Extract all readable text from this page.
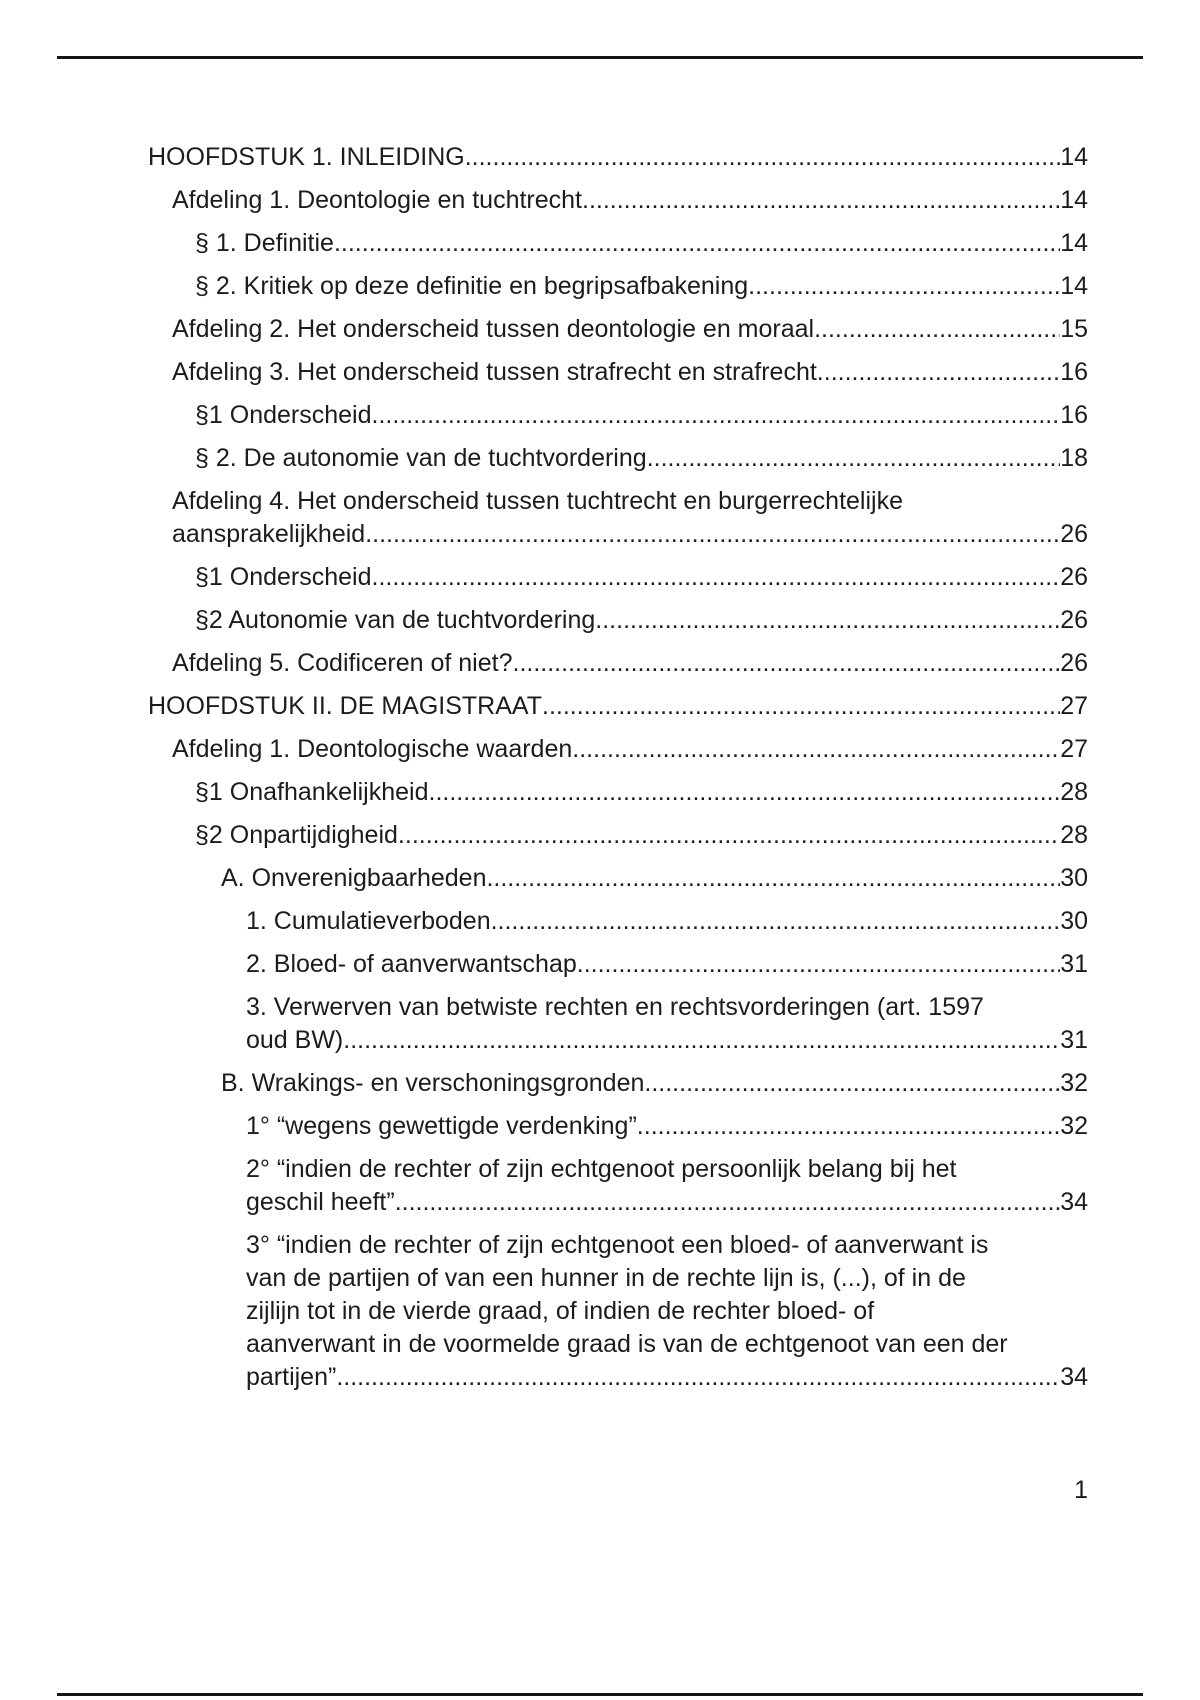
HOOFDSTUK 1. INLEIDING .....	14
Afdeling 1. Deontologie en tuchtrecht .....	14
§ 1. Definitie .....	14
§ 2. Kritiek op deze definitie en begripsafbakening .....	14
Afdeling 2. Het onderscheid tussen deontologie en moraal .....	15
Afdeling 3. Het onderscheid tussen strafrecht en strafrecht .....	16
§1 Onderscheid .....	16
§ 2. De autonomie van de tuchtvordering .....	18
Afdeling 4. Het onderscheid tussen tuchtrecht en burgerrechtelijke
aansprakelijkheid .....	26
§1 Onderscheid .....	26
§2 Autonomie van de tuchtvordering .....	26
Afdeling 5. Codificeren of niet? .....	26
HOOFDSTUK II. DE MAGISTRAAT .....	27
Afdeling 1. Deontologische waarden .....	27
§1 Onafhankelijkheid .....	28
§2 Onpartijdigheid .....	28
A. Onverenigbaarheden .....	30
1. Cumulatieverboden .....	30
2. Bloed- of aanverwantschap .....	31
3. Verwerven van betwiste rechten en rechtsvorderingen (art. 1597
oud BW) .....	31
B. Wrakings- en verschoningsgronden .....	32
1° “wegens gewettigde verdenking” .....	32
2° “indien de rechter of zijn echtgenoot persoonlijk belang bij het
geschil heeft” .....	34
3° “indien de rechter of zijn echtgenoot een bloed- of aanverwant is
van de partijen of van een hunner in de rechte lijn is, (...), of in de
zijlijn tot in de vierde graad, of indien de rechter bloed- of
aanverwant in de voormelde graad is van de echtgenoot van een der
partijen” .....	34
1
